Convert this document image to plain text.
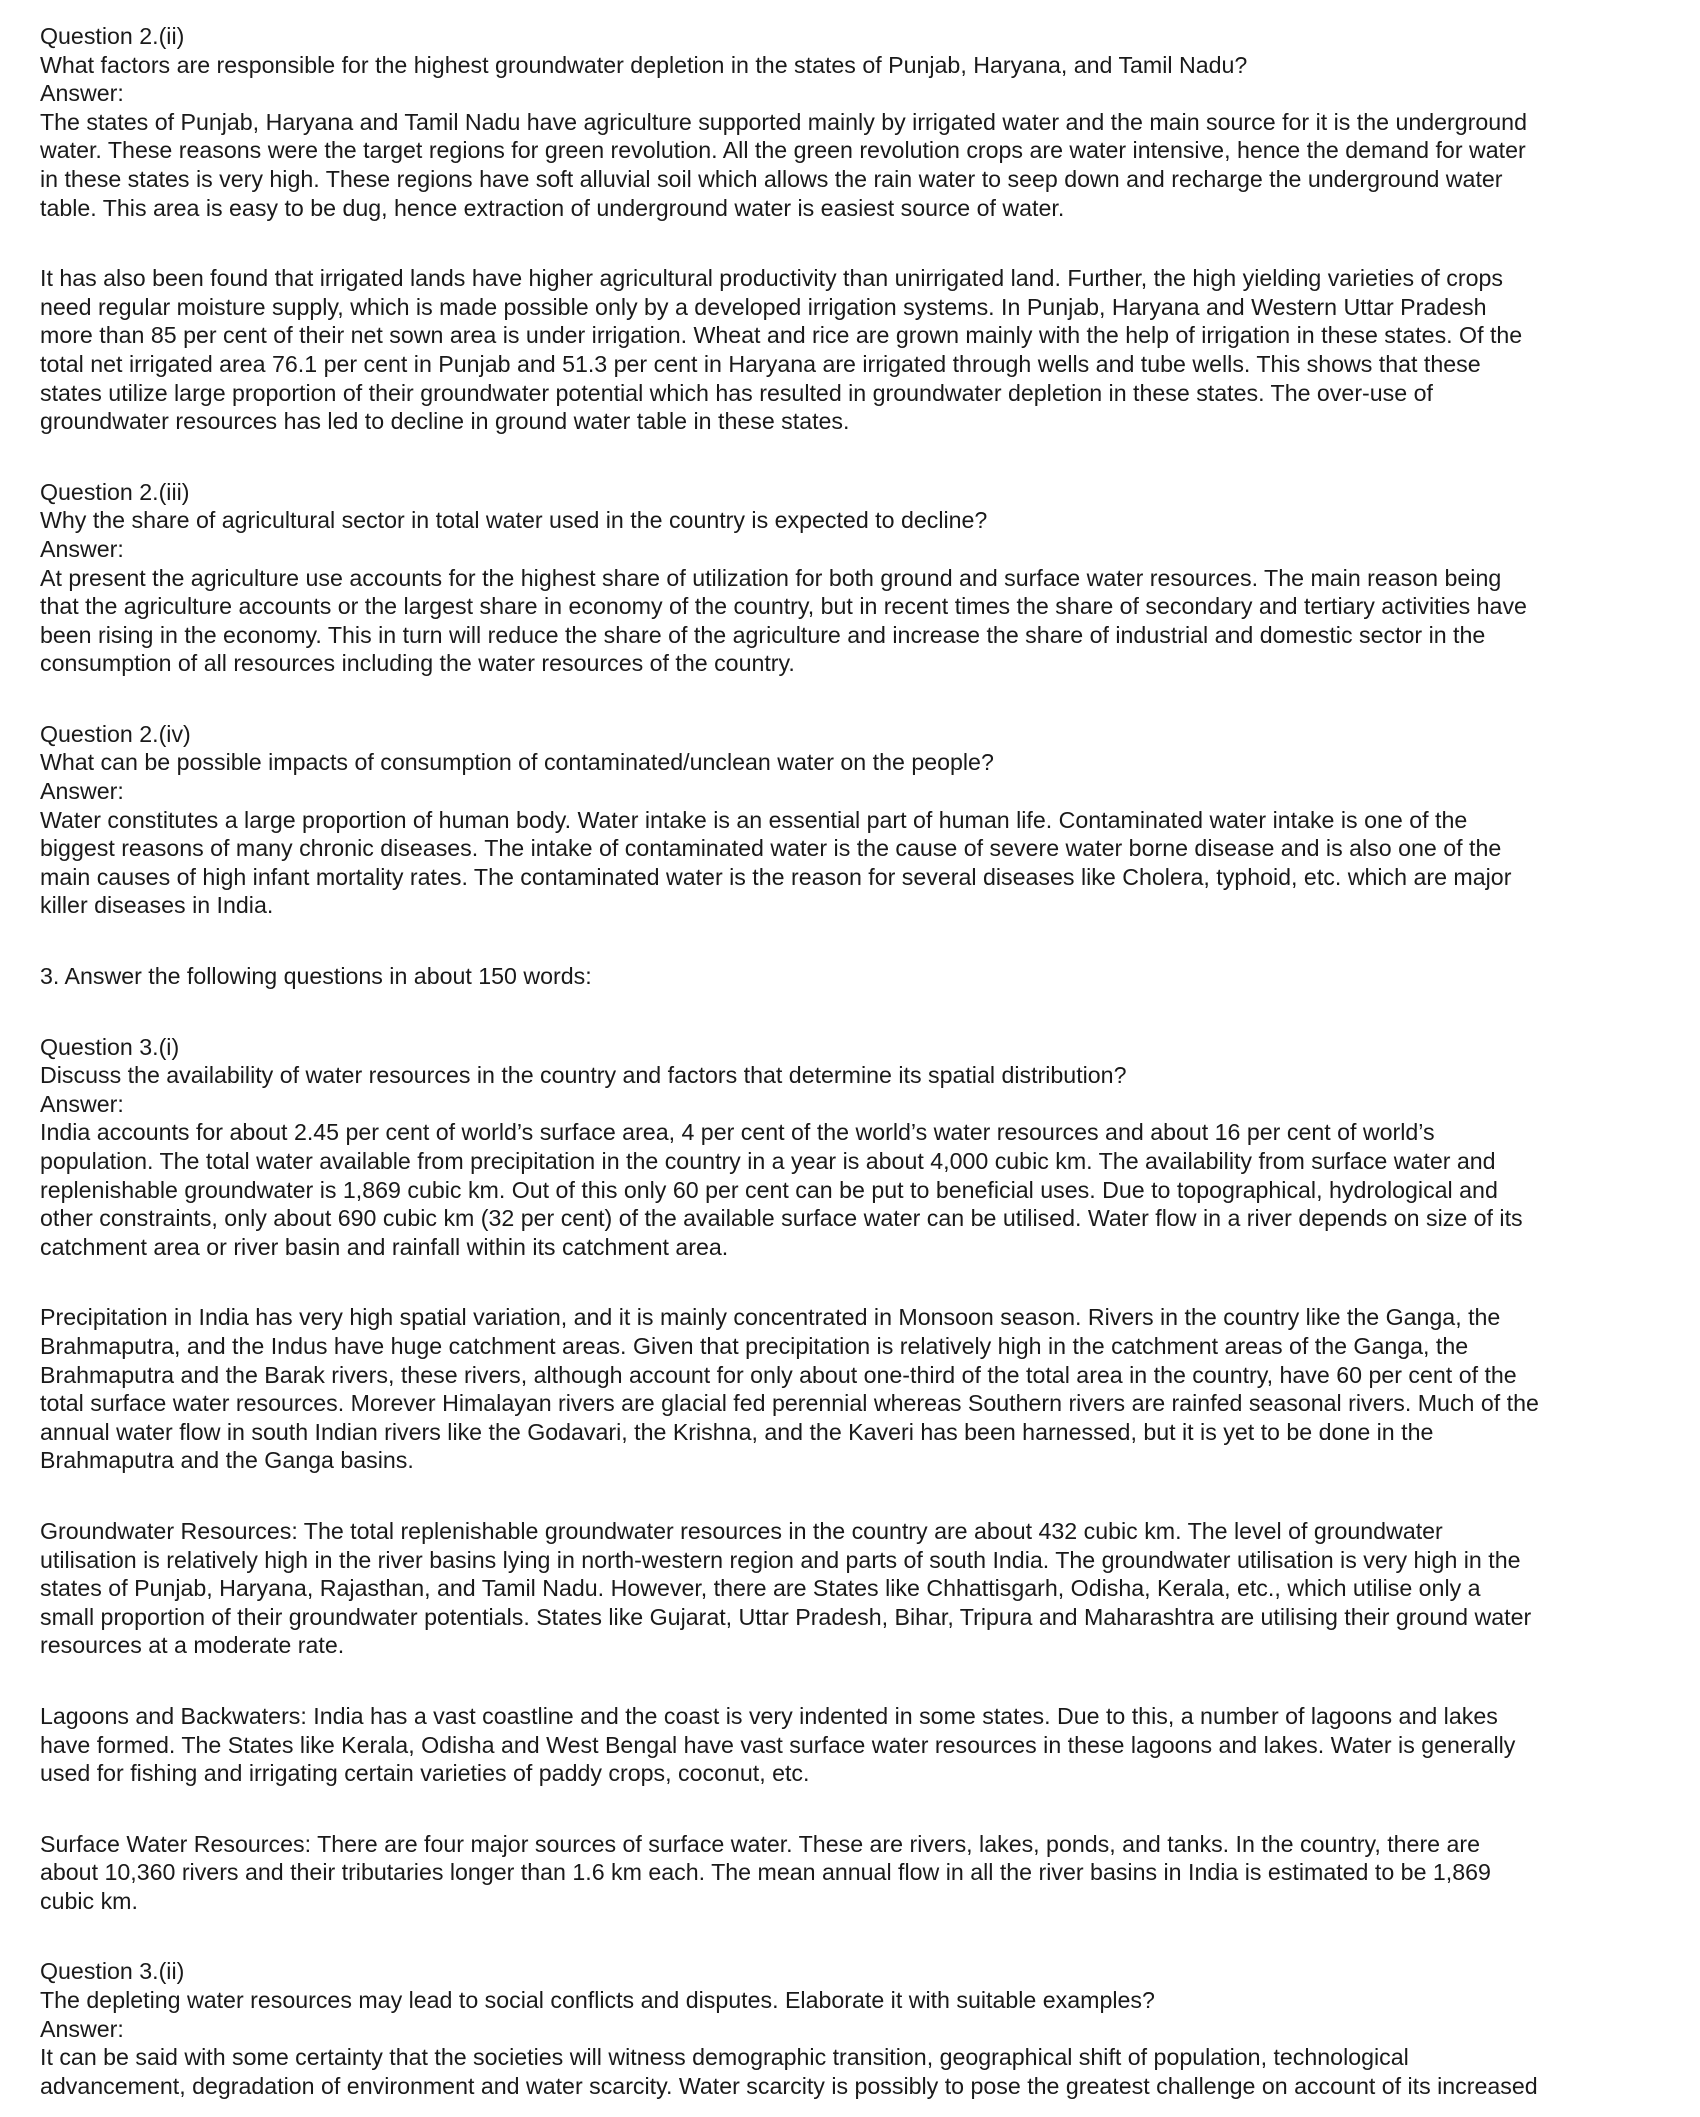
Question 2.(ii)
What factors are responsible for the highest groundwater depletion in the states of Punjab, Haryana, and Tamil Nadu?
Answer:
The states of Punjab, Haryana and Tamil Nadu have agriculture supported mainly by irrigated water and the main source for it is the underground
water. These reasons were the target regions for green revolution. All the green revolution crops are water intensive, hence the demand for water
in these states is very high. These regions have soft alluvial soil which allows the rain water to seep down and recharge the underground water
table. This area is easy to be dug, hence extraction of underground water is easiest source of water.
It has also been found that irrigated lands have higher agricultural productivity than unirrigated land. Further, the high yielding varieties of crops
need regular moisture supply, which is made possible only by a developed irrigation systems. In Punjab, Haryana and Western Uttar Pradesh
more than 85 per cent of their net sown area is under irrigation. Wheat and rice are grown mainly with the help of irrigation in these states. Of the
total net irrigated area 76.1 per cent in Punjab and 51.3 per cent in Haryana are irrigated through wells and tube wells. This shows that these
states utilize large proportion of their groundwater potential which has resulted in groundwater depletion in these states. The over-use of
groundwater resources has led to decline in ground water table in these states.
Question 2.(iii)
Why the share of agricultural sector in total water used in the country is expected to decline?
Answer:
At present the agriculture use accounts for the highest share of utilization for both ground and surface water resources. The main reason being
that the agriculture accounts or the largest share in economy of the country, but in recent times the share of secondary and tertiary activities have
been rising in the economy. This in turn will reduce the share of the agriculture and increase the share of industrial and domestic sector in the
consumption of all resources including the water resources of the country.
Question 2.(iv)
What can be possible impacts of consumption of contaminated/unclean water on the people?
Answer:
Water constitutes a large proportion of human body. Water intake is an essential part of human life. Contaminated water intake is one of the
biggest reasons of many chronic diseases. The intake of contaminated water is the cause of severe water borne disease and is also one of the
main causes of high infant mortality rates. The contaminated water is the reason for several diseases like Cholera, typhoid, etc. which are major
killer diseases in India.
3. Answer the following questions in about 150 words:
Question 3.(i)
Discuss the availability of water resources in the country and factors that determine its spatial distribution?
Answer:
India accounts for about 2.45 per cent of world’s surface area, 4 per cent of the world’s water resources and about 16 per cent of world’s
population. The total water available from precipitation in the country in a year is about 4,000 cubic km. The availability from surface water and
replenishable groundwater is 1,869 cubic km. Out of this only 60 per cent can be put to beneficial uses. Due to topographical, hydrological and
other constraints, only about 690 cubic km (32 per cent) of the available surface water can be utilised. Water flow in a river depends on size of its
catchment area or river basin and rainfall within its catchment area.
Precipitation in India has very high spatial variation, and it is mainly concentrated in Monsoon season. Rivers in the country like the Ganga, the
Brahmaputra, and the Indus have huge catchment areas. Given that precipitation is relatively high in the catchment areas of the Ganga, the
Brahmaputra and the Barak rivers, these rivers, although account for only about one-third of the total area in the country, have 60 per cent of the
total surface water resources. Morever Himalayan rivers are glacial fed perennial whereas Southern rivers are rainfed seasonal rivers. Much of the
annual water flow in south Indian rivers like the Godavari, the Krishna, and the Kaveri has been harnessed, but it is yet to be done in the
Brahmaputra and the Ganga basins.
Groundwater Resources: The total replenishable groundwater resources in the country are about 432 cubic km. The level of groundwater
utilisation is relatively high in the river basins lying in north-western region and parts of south India. The groundwater utilisation is very high in the
states of Punjab, Haryana, Rajasthan, and Tamil Nadu. However, there are States like Chhattisgarh, Odisha, Kerala, etc., which utilise only a
small proportion of their groundwater potentials. States like Gujarat, Uttar Pradesh, Bihar, Tripura and Maharashtra are utilising their ground water
resources at a moderate rate.
Lagoons and Backwaters: India has a vast coastline and the coast is very indented in some states. Due to this, a number of lagoons and lakes
have formed. The States like Kerala, Odisha and West Bengal have vast surface water resources in these lagoons and lakes. Water is generally
used for fishing and irrigating certain varieties of paddy crops, coconut, etc.
Surface Water Resources: There are four major sources of surface water. These are rivers, lakes, ponds, and tanks. In the country, there are
about 10,360 rivers and their tributaries longer than 1.6 km each. The mean annual flow in all the river basins in India is estimated to be 1,869
cubic km.
Question 3.(ii)
The depleting water resources may lead to social conflicts and disputes. Elaborate it with suitable examples?
Answer:
It can be said with some certainty that the societies will witness demographic transition, geographical shift of population, technological
advancement, degradation of environment and water scarcity. Water scarcity is possibly to pose the greatest challenge on account of its increased
